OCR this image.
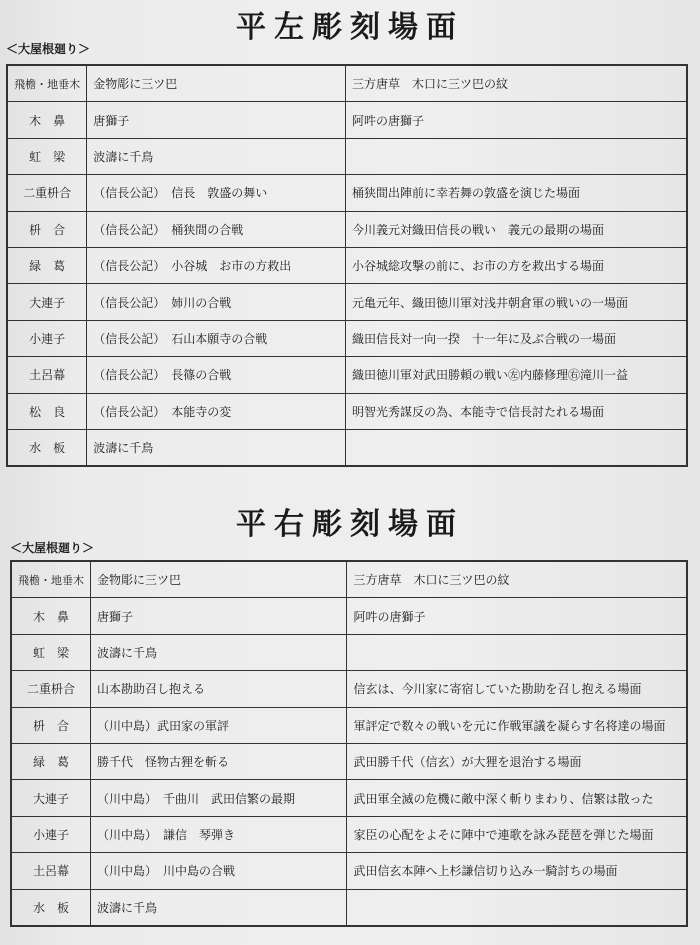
平左彫刻場面
＜大屋根廻り＞
飛檐・地垂木	金物彫に三ツ巴	三方唐草　木口に三ツ巴の紋
木　鼻	唐獅子	阿吽の唐獅子
虹　梁	波濤に千鳥	
二重枡合	（信長公記）　信長　敦盛の舞い	桶狭間出陣前に幸若舞の敦盛を演じた場面
枡　合	（信長公記）　桶狭間の合戦	今川義元対織田信長の戦い　義元の最期の場面
緑　葛	（信長公記）　小谷城　お市の方救出	小谷城総攻撃の前に、お市の方を救出する場面
大連子	（信長公記）　姉川の合戦	元亀元年、織田徳川軍対浅井朝倉軍の戦いの一場面
小連子	（信長公記）　石山本願寺の合戦	織田信長対一向一揆　十一年に及ぶ合戦の一場面
土呂幕	（信長公記）　長篠の合戦	織田徳川軍対武田勝頼の戦い㊧内藤修理㊨滝川一益
松　良	（信長公記）　本能寺の変	明智光秀謀反の為、本能寺で信長討たれる場面
水　板	波濤に千鳥	
平右彫刻場面
＜大屋根廻り＞
飛檐・地垂木	金物彫に三ツ巴	三方唐草　木口に三ツ巴の紋
木　鼻	唐獅子	阿吽の唐獅子
虹　梁	波濤に千鳥	
二重枡合	山本勘助召し抱える	信玄は、今川家に寄宿していた勘助を召し抱える場面
枡　合	（川中島）武田家の軍評	軍評定で数々の戦いを元に作戦軍議を凝らす名将達の場面
緑　葛	勝千代　怪物古狸を斬る	武田勝千代（信玄）が大狸を退治する場面
大連子	（川中島）　千曲川　武田信繁の最期	武田軍全滅の危機に敵中深く斬りまわり、信繁は散った
小連子	（川中島）　謙信　琴弾き	家臣の心配をよそに陣中で連歌を詠み琵琶を弾じた場面
土呂幕	（川中島）　川中島の合戦	武田信玄本陣へ上杉謙信切り込み一騎討ちの場面
水　板	波濤に千鳥	
